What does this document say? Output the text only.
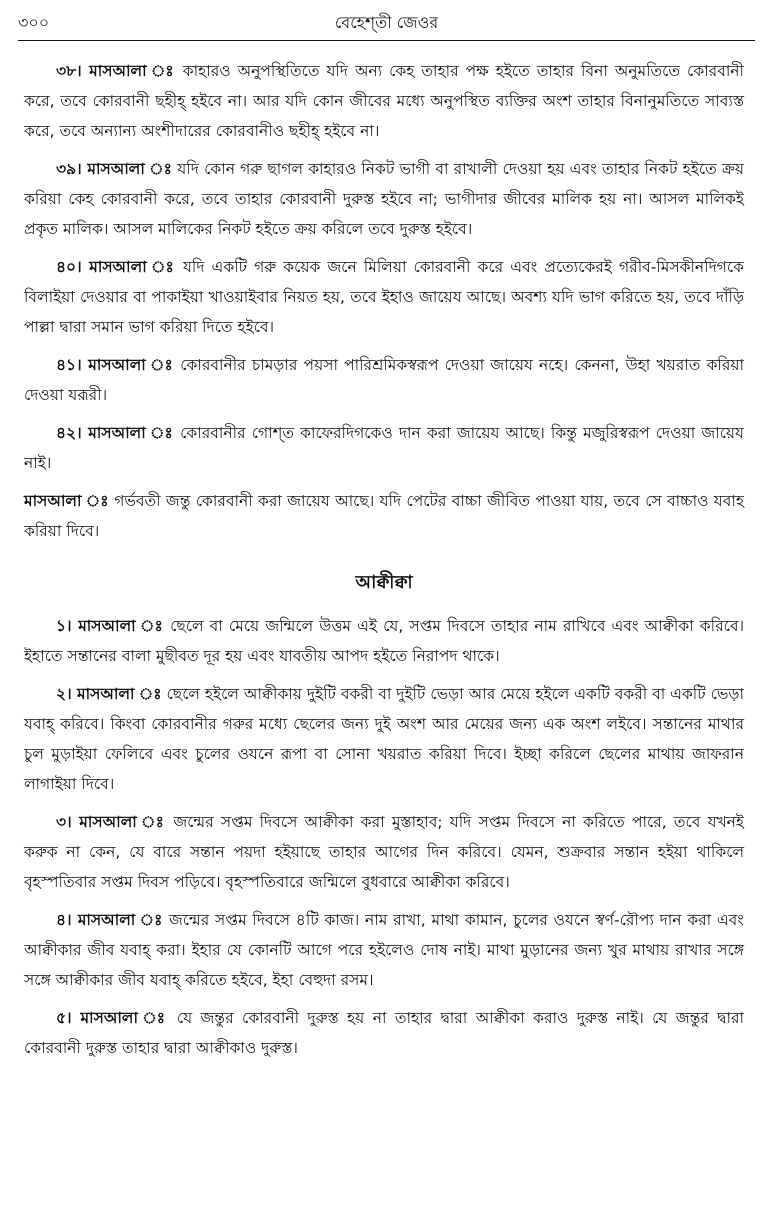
৩০০	বেহেশ্‌তী জেওর

৩৮। মাসআলা ঃ কাহারও অনুপস্থিতিতে যদি অন্য কেহ তাহার পক্ষ হইতে তাহার বিনা অনুমতিতে কোরবানী করে, তবে কোরবানী ছহীহ্‌ হইবে না। আর যদি কোন জীবের মধ্যে অনুপস্থিত ব্যক্তির অংশ তাহার বিনানুমতিতে সাব্যস্ত করে, তবে অন্যান্য অংশীদারের কোরবানীও ছহীহ্‌ হইবে না।

৩৯। মাসআলা ঃ যদি কোন গরু ছাগল কাহারও নিকট ভাগী বা রাখালী দেওয়া হয় এবং তাহার নিকট হইতে ক্রয় করিয়া কেহ কোরবানী করে, তবে তাহার কোরবানী দুরুস্ত হইবে না; ভাগীদার জীবের মালিক হয় না। আসল মালিকই প্রকৃত মালিক। আসল মালিকের নিকট হইতে ক্রয় করিলে তবে দুরুস্ত হইবে।

৪০। মাসআলা ঃ যদি একটি গরু কয়েক জনে মিলিয়া কোরবানী করে এবং প্রত্যেকেরই গরীব-মিসকীনদিগকে বিলাইয়া দেওয়ার বা পাকাইয়া খাওয়াইবার নিয়ত হয়, তবে ইহাও জায়েয আছে। অবশ্য যদি ভাগ করিতে হয়, তবে দাঁড়ি পাল্লা দ্বারা সমান ভাগ করিয়া দিতে হইবে।

৪১। মাসআলা ঃ কোরবানীর চামড়ার পয়সা পারিশ্রমিকস্বরূপ দেওয়া জায়েয নহে। কেননা, উহা খয়রাত করিয়া দেওয়া যরূরী।

৪২। মাসআলা ঃ কোরবানীর গোশ্‌ত কাফেরদিগকেও দান করা জায়েয আছে। কিন্তু মজুরিস্বরূপ দেওয়া জায়েয নাই।

মাসআলা ঃ গর্ভবতী জন্তু কোরবানী করা জায়েয আছে। যদি পেটের বাচ্চা জীবিত পাওয়া যায়, তবে সে বাচ্চাও যবাহ করিয়া দিবে।

আক্বীক্বা

১। মাসআলা ঃ ছেলে বা মেয়ে জন্মিলে উত্তম এই যে, সপ্তম দিবসে তাহার নাম রাখিবে এবং আক্বীকা করিবে। ইহাতে সন্তানের বালা মুছীবত দূর হয় এবং যাবতীয় আপদ হইতে নিরাপদ থাকে।

২। মাসআলা ঃ ছেলে হইলে আক্বীকায় দুইটি বকরী বা দুইটি ভেড়া আর মেয়ে হইলে একটি বকরী বা একটি ভেড়া যবাহ্‌ করিবে। কিংবা কোরবানীর গরুর মধ্যে ছেলের জন্য দুই অংশ আর মেয়ের জন্য এক অংশ লইবে। সন্তানের মাথার চুল মুড়াইয়া ফেলিবে এবং চুলের ওযনে রূপা বা সোনা খয়রাত করিয়া দিবে। ইচ্ছা করিলে ছেলের মাথায় জাফরান লাগাইয়া দিবে।

৩। মাসআলা ঃ জন্মের সপ্তম দিবসে আক্বীকা করা মুস্তাহাব; যদি সপ্তম দিবসে না করিতে পারে, তবে যখনই করুক না কেন, যে বারে সন্তান পয়দা হইয়াছে তাহার আগের দিন করিবে। যেমন, শুক্রবার সন্তান হইয়া থাকিলে বৃহস্পতিবার সপ্তম দিবস পড়িবে। বৃহস্পতিবারে জন্মিলে বুধবারে আক্বীকা করিবে।

৪। মাসআলা ঃ জন্মের সপ্তম দিবসে ৪টি কাজ। নাম রাখা, মাথা কামান, চুলের ওযনে স্বর্ণ-রৌপ্য দান করা এবং আক্বীকার জীব যবাহ্‌ করা। ইহার যে কোনটি আগে পরে হইলেও দোষ নাই। মাথা মুড়ানের জন্য খুর মাথায় রাখার সঙ্গে সঙ্গে আক্বীকার জীব যবাহ্‌ করিতে হইবে, ইহা বেহুদা রসম।

৫। মাসআলা ঃ যে জন্তুর কোরবানী দুরুস্ত হয় না তাহার দ্বারা আক্বীকা করাও দুরুস্ত নাই। যে জন্তুর দ্বারা কোরবানী দুরুস্ত তাহার দ্বারা আক্বীকাও দুরুস্ত।
